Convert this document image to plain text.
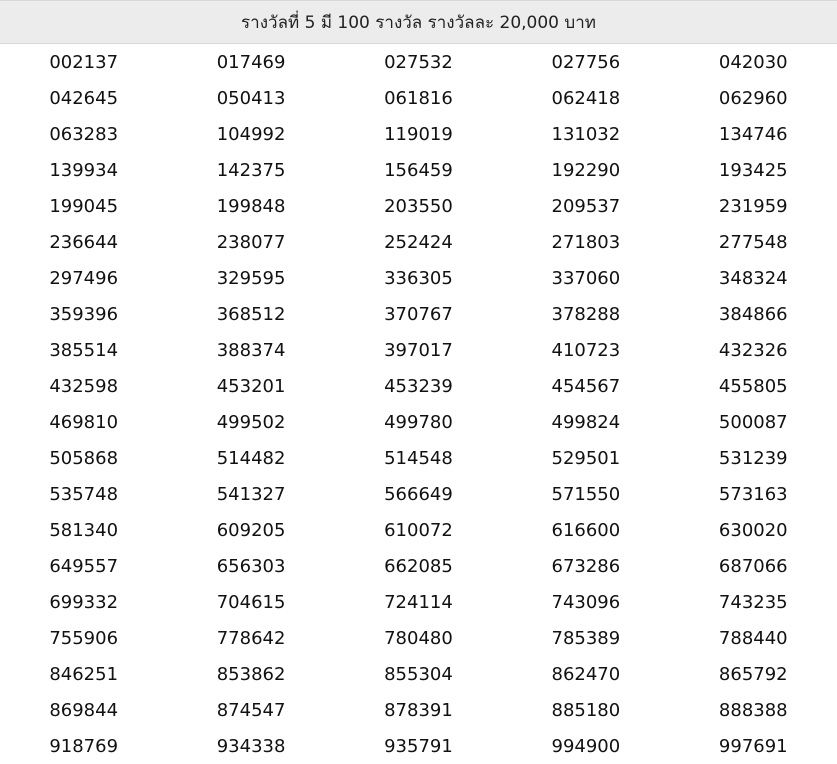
รางวัลที่ 5 มี 100 รางวัล รางวัลละ 20,000 บาท				
002137	017469	027532	027756	042030
042645	050413	061816	062418	062960
063283	104992	119019	131032	134746
139934	142375	156459	192290	193425
199045	199848	203550	209537	231959
236644	238077	252424	271803	277548
297496	329595	336305	337060	348324
359396	368512	370767	378288	384866
385514	388374	397017	410723	432326
432598	453201	453239	454567	455805
469810	499502	499780	499824	500087
505868	514482	514548	529501	531239
535748	541327	566649	571550	573163
581340	609205	610072	616600	630020
649557	656303	662085	673286	687066
699332	704615	724114	743096	743235
755906	778642	780480	785389	788440
846251	853862	855304	862470	865792
869844	874547	878391	885180	888388
918769	934338	935791	994900	997691
